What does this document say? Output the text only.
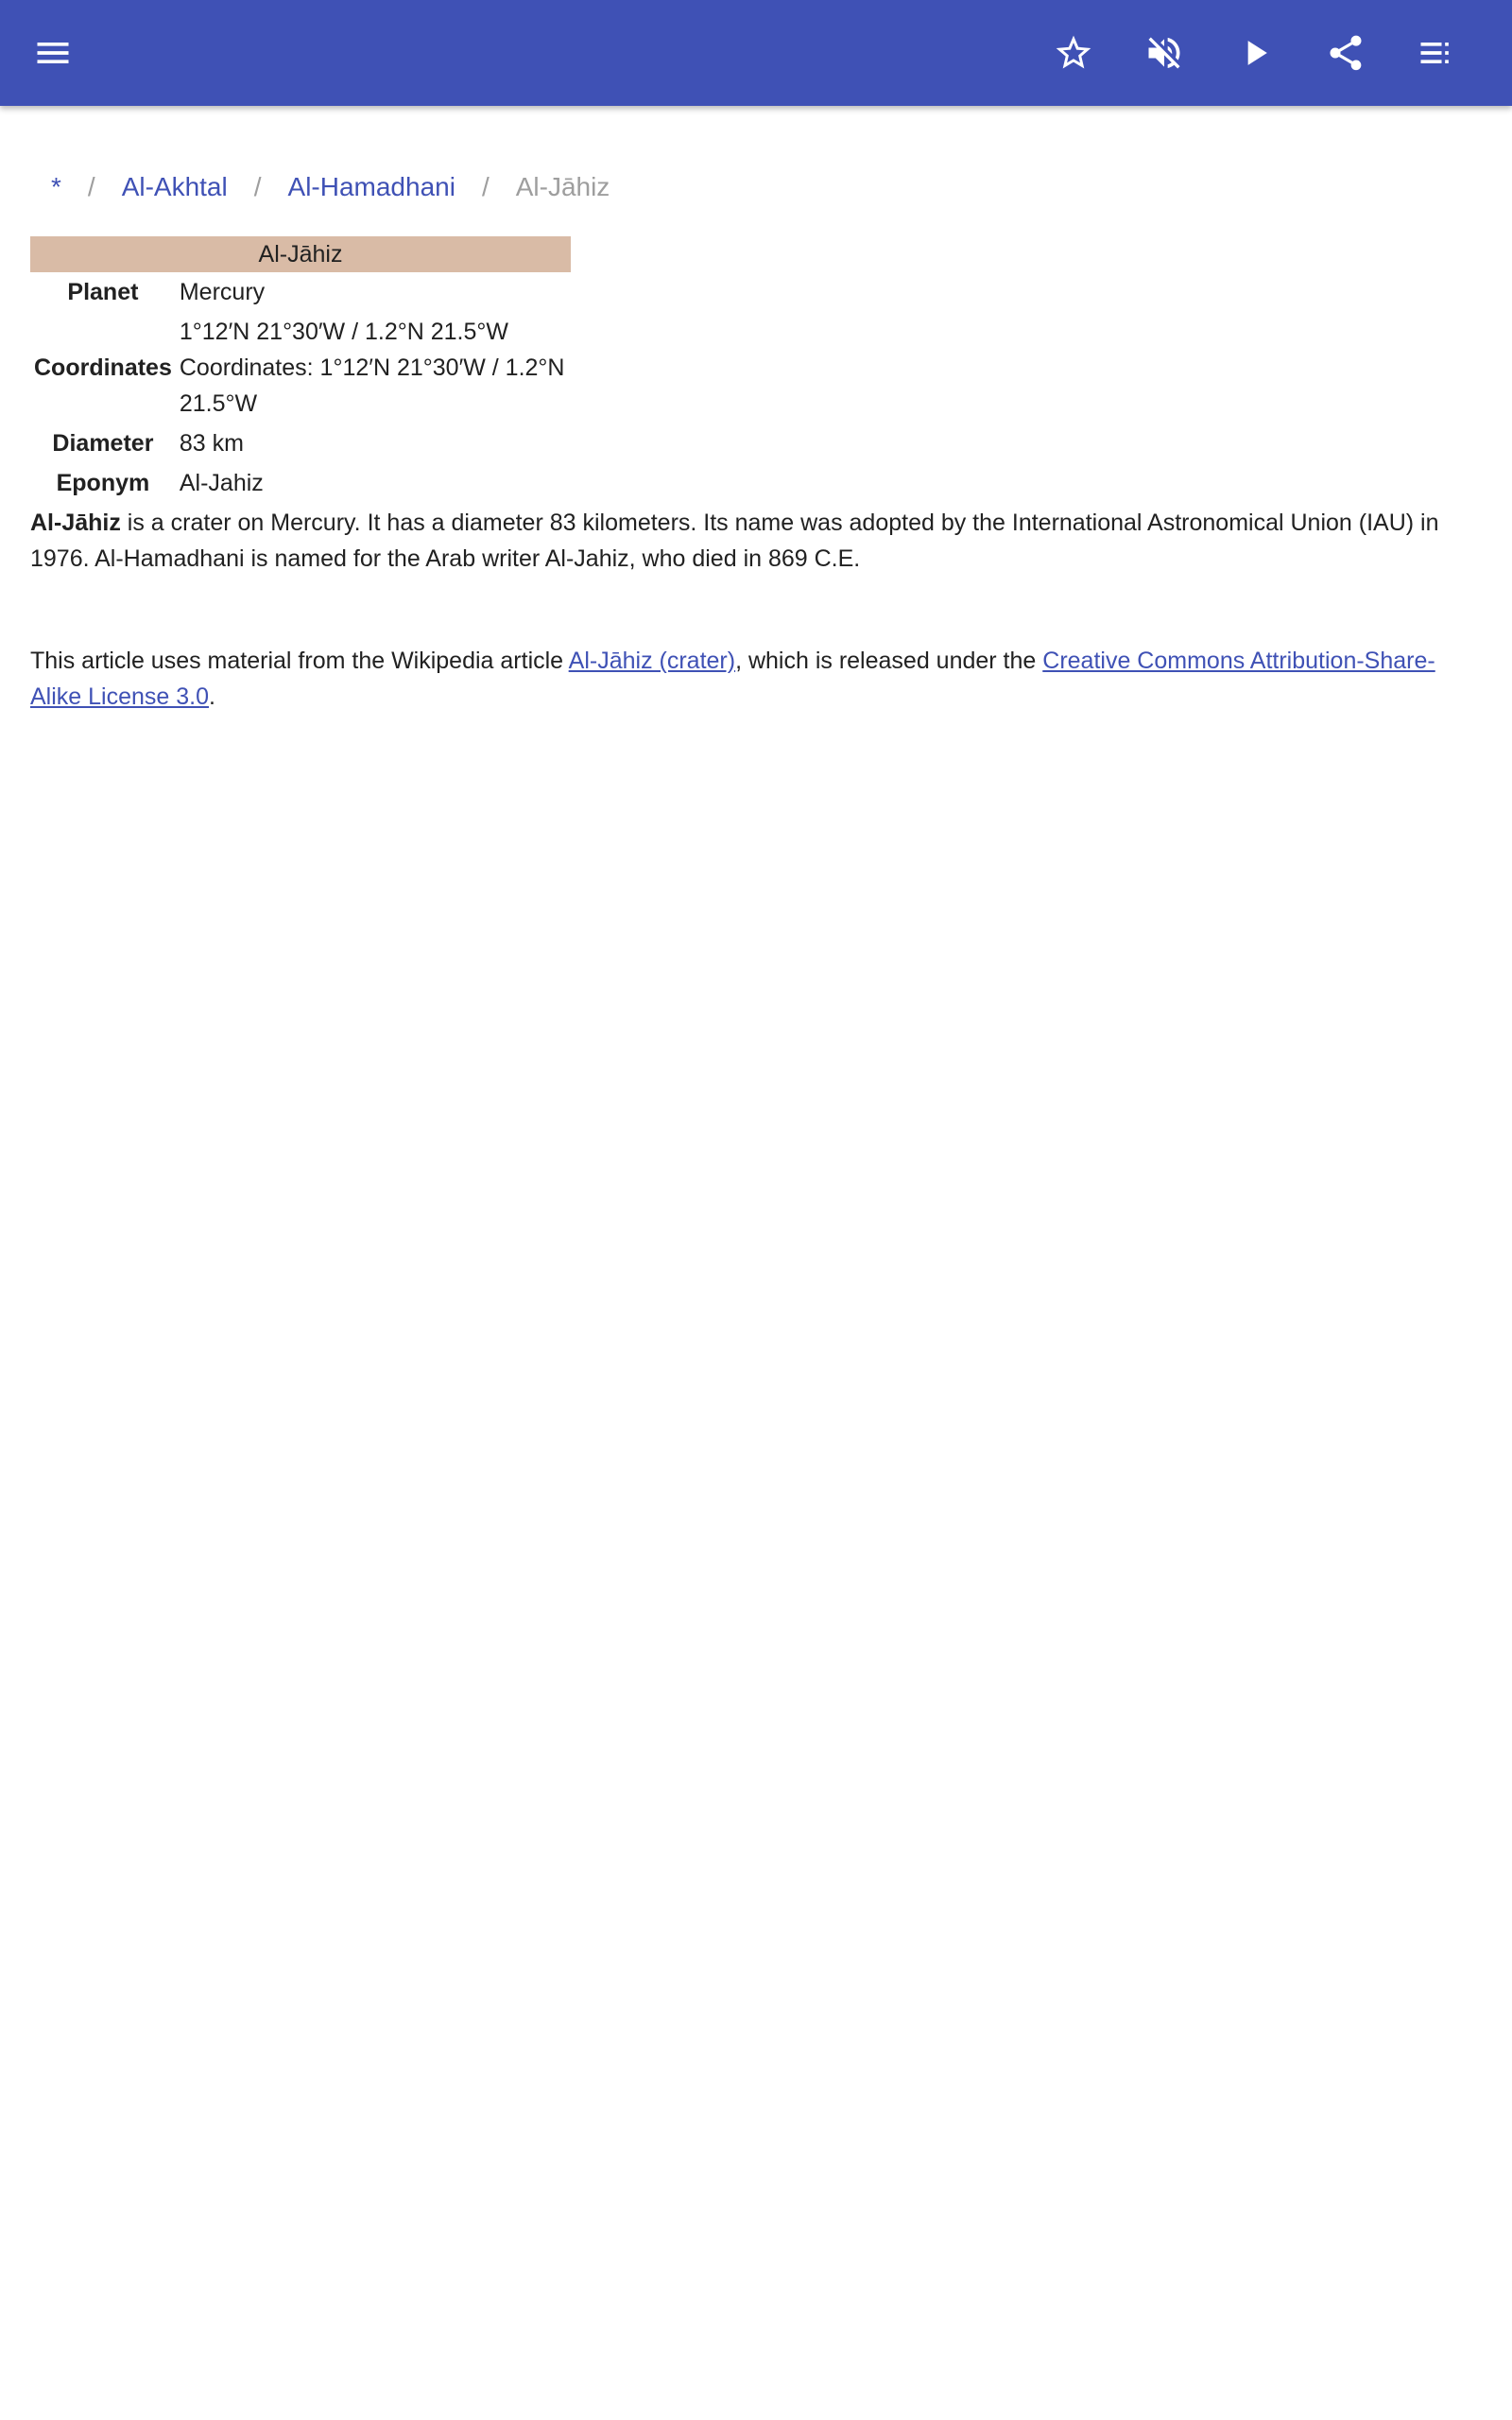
* / Al-Akhtal / Al-Hamadhani / Al-Jāhiz
Al-Jāhiz	
Planet	Mercury
Coordinates	1°12′N 21°30′W / 1.2°N 21.5°W
Coordinates: 1°12′N 21°30′W / 1.2°N 21.5°W

Diameter	83 km
Eponym	Al-Jahiz

Al-Jāhiz is a crater on Mercury. It has a diameter 83 kilometers. Its name was adopted by the International Astronomical Union (IAU) in 1976. Al-Hamadhani is named for the Arab writer Al-Jahiz, who died in 869 C.E.

This article uses material from the Wikipedia article Al-Jāhiz (crater), which is released under the Creative Commons Attribution-Share-Alike License 3.0.
